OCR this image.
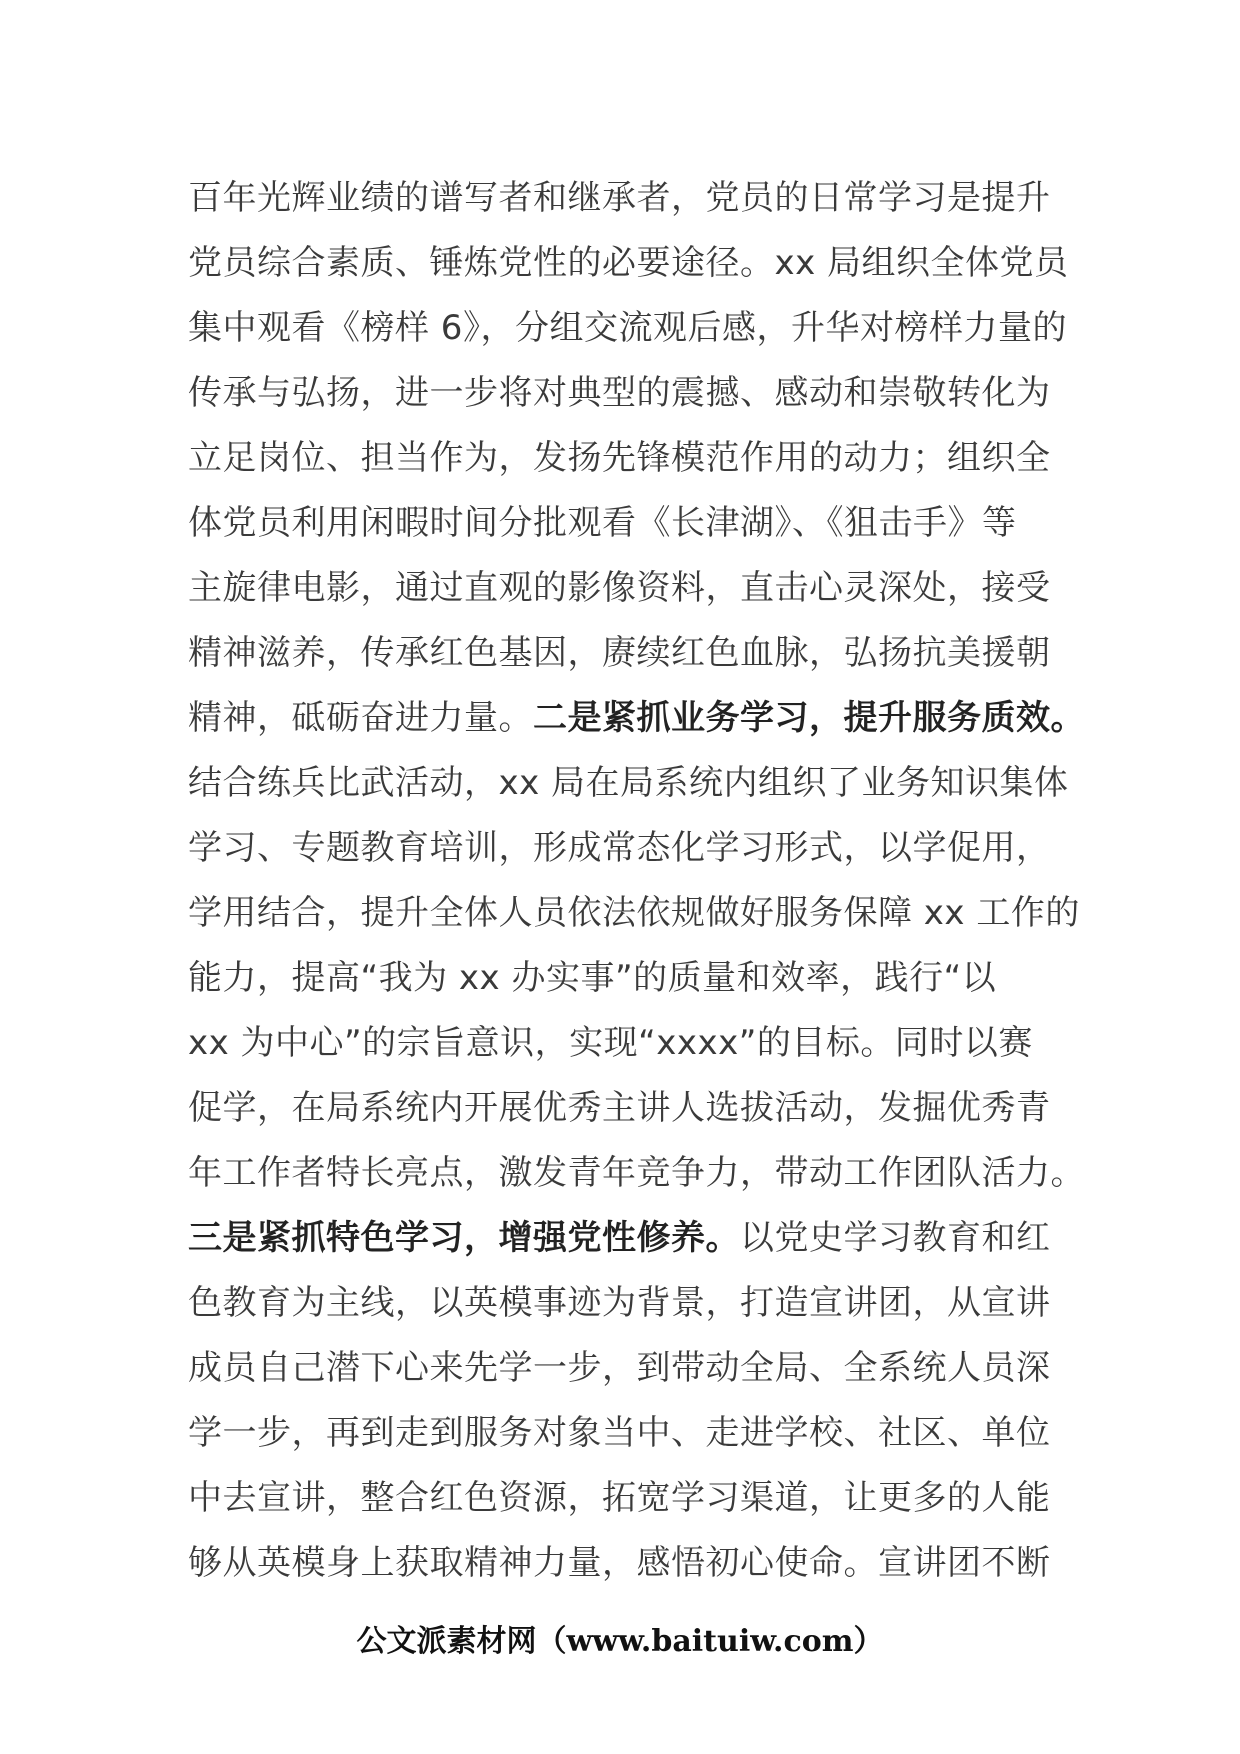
百年光辉业绩的谱写者和继承者，党员的日常学习是提升
党员综合素质、锤炼党性的必要途径。xx 局组织全体党员
集中观看《榜样 6》，分组交流观后感，升华对榜样力量的
传承与弘扬，进一步将对典型的震撼、感动和崇敬转化为
立足岗位、担当作为，发扬先锋模范作用的动力；组织全
体党员利用闲暇时间分批观看《长津湖》、《狙击手》等
主旋律电影，通过直观的影像资料，直击心灵深处，接受
精神滋养，传承红色基因，赓续红色血脉，弘扬抗美援朝
精神，砥砺奋进力量。二是紧抓业务学习，提升服务质效。
结合练兵比武活动，xx 局在局系统内组织了业务知识集体
学习、专题教育培训，形成常态化学习形式，以学促用，
学用结合，提升全体人员依法依规做好服务保障 xx 工作的
能力，提高“我为 xx 办实事”的质量和效率，践行“以
xx 为中心”的宗旨意识，实现“xxxx”的目标。同时以赛
促学，在局系统内开展优秀主讲人选拔活动，发掘优秀青
年工作者特长亮点，激发青年竞争力，带动工作团队活力。
三是紧抓特色学习，增强党性修养。以党史学习教育和红
色教育为主线，以英模事迹为背景，打造宣讲团，从宣讲
成员自己潜下心来先学一步，到带动全局、全系统人员深
学一步，再到走到服务对象当中、走进学校、社区、单位
中去宣讲，整合红色资源，拓宽学习渠道，让更多的人能
够从英模身上获取精神力量，感悟初心使命。宣讲团不断
公文派素材网（www.baituiw.com）
